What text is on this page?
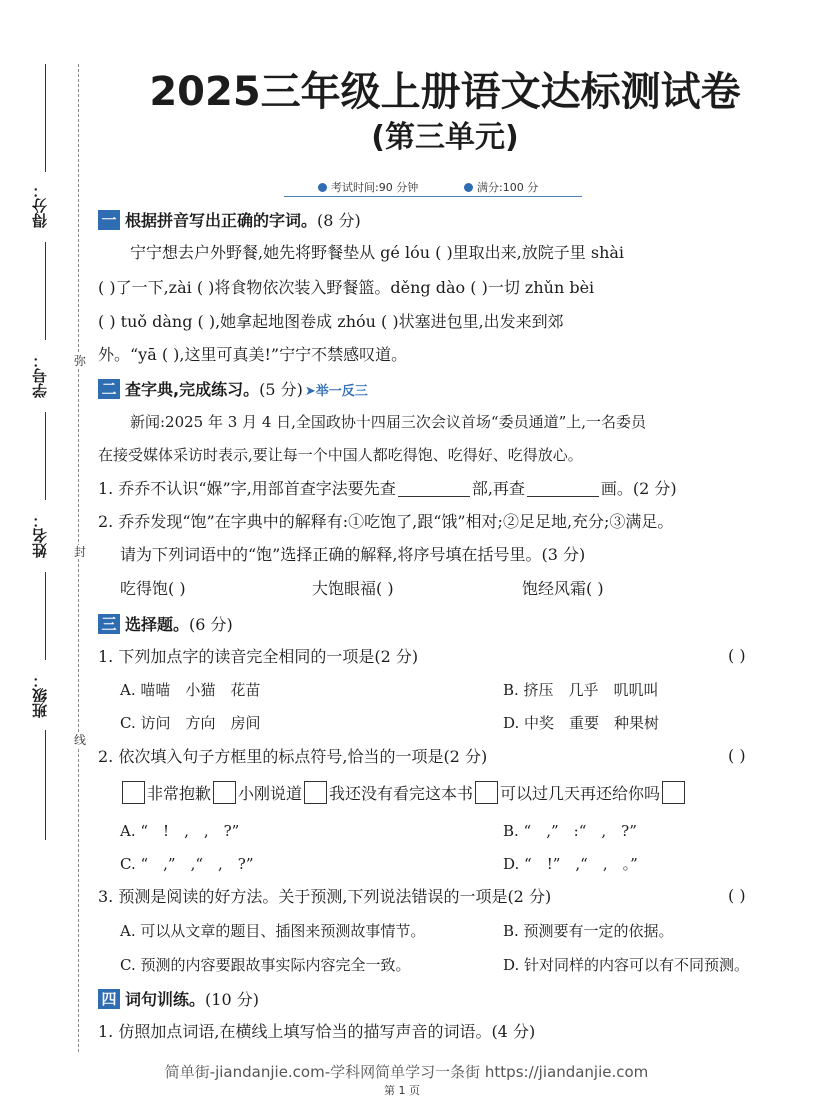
得分：
学号：
姓名：
班级：
弥
封
线
2025三年级上册语文达标测试卷
(第三单元)
考试时间:90 分钟	满分:100 分
一 根据拼音写出正确的字词。(8 分)
宁宁想去户外野餐,她先将野餐垫从 gé lóu ( )里取出来,放院子里 shài
( )了一下,zài ( )将食物依次装入野餐篮。děng dào ( )一切 zhǔn bèi
( ) tuǒ dàng ( ),她拿起地图卷成 zhóu ( )状塞进包里,出发来到郊
外。“yā ( ),这里可真美!”宁宁不禁感叹道。
二 查字典,完成练习。(5 分) ➤举一反三
新闻:2025 年 3 月 4 日,全国政协十四届三次会议首场“委员通道”上,一名委员
在接受媒体采访时表示,要让每一个中国人都吃得饱、吃得好、吃得放心。
1. 乔乔不认识“媬”字,用部首查字法要先查	部,再查	画。(2 分)
2. 乔乔发现“饱”在字典中的解释有:①吃饱了,跟“饿”相对;②足足地,充分;③满足。
请为下列词语中的“饱”选择正确的解释,将序号填在括号里。(3 分)
吃得饱( )	大饱眼福( )	饱经风霜( )
三 选择题。(6 分)
1. 下列加点字的读音完全相同的一项是(2 分)	( )
A. 喵喵　小猫　花苗	B. 挤压　几乎　叽叽叫
C. 访问　方向　房间	D. 中奖　重要　种果树
2. 依次填入句子方框里的标点符号,恰当的一项是(2 分)	( )
非常抱歉 小刚说道 我还没有看完这本书 可以过几天再还给你吗
A. “　!　,　,　?”	B. “　,”　:“　,　?”
C. “　,”　,“　,　?”	D. “　!”　,“　,　。”
3. 预测是阅读的好方法。关于预测,下列说法错误的一项是(2 分)	( )
A. 可以从文章的题目、插图来预测故事情节。	B. 预测要有一定的依据。
C. 预测的内容要跟故事实际内容完全一致。	D. 针对同样的内容可以有不同预测。
四 词句训练。(10 分)
1. 仿照加点词语,在横线上填写恰当的描写声音的词语。(4 分)
简单街-jiandanjie.com-学科网简单学习一条街 https://jiandanjie.com
第 1 页
